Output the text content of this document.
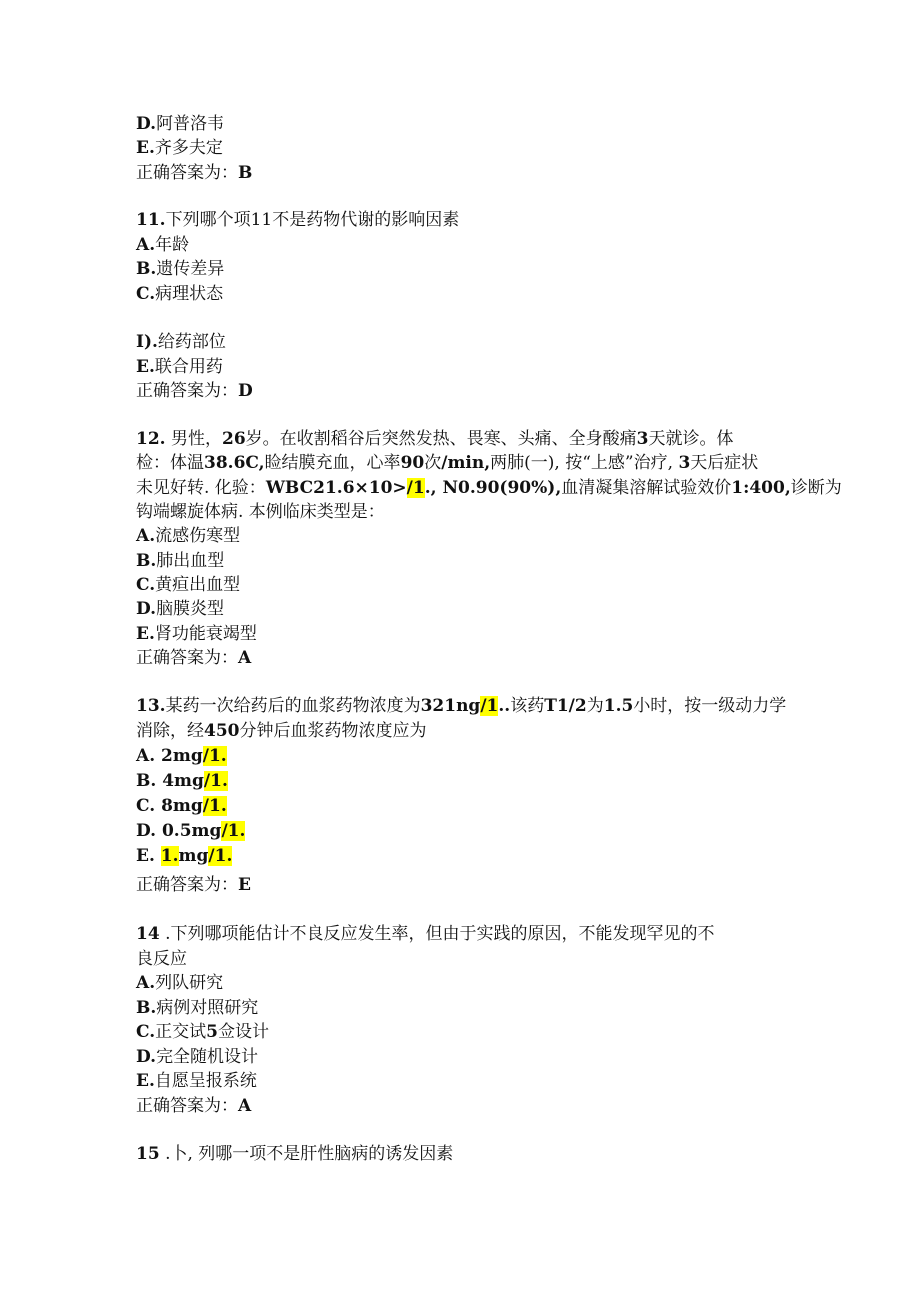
D.阿普洛韦
E.齐多夫定
正确答案为：B
11.下列哪个项11不是药物代谢的影响因素
A.年龄
B.遗传差异
C.病理状态
I).给药部位
E.联合用药
正确答案为：D
12. 男性，26岁。在收割稻谷后突然发热、畏寒、头痛、全身酸痛3天就诊。体
检：体温38.6C,睑结膜充血，心率90次/min,两肺(一), 按“上感”治疗, 3天后症状
未见好转. 化验：WBC21.6×10>/1., N0.90(90%),血清凝集溶解试验效价1:400,诊断为
钩端螺旋体病. 本例临床类型是：
A.流感伤寒型
B.肺出血型
C.黄疸出血型
D.脑膜炎型
E.肾功能衰竭型
正确答案为：A
13.某药一次给药后的血浆药物浓度为321ng/1..该药T1/2为1.5小时，按一级动力学
消除，经450分钟后血浆药物浓度应为
A. 2mg/1.
B. 4mg/1.
C. 8mg/1.
D. 0.5mg/1.
E. 1.mg/1.
正确答案为：E
14 .下列哪项能估计不良反应发生率，但由于实践的原因，不能发现罕见的不
良反应
A.列队研究
B.病例对照研究
C.正交试5佥设计
D.完全随机设计
E.自愿呈报系统
正确答案为：A
15 .卜, 列哪一项不是肝性脑病的诱发因素
